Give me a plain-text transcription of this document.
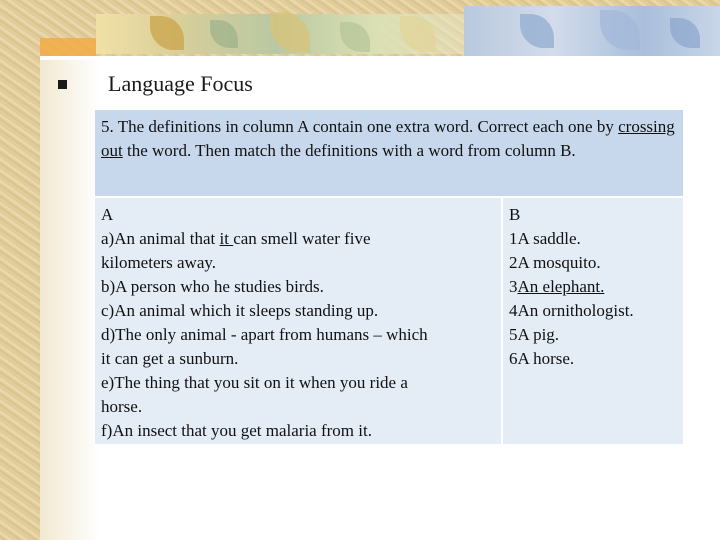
Language Focus
5. The definitions in column A contain one extra word. Correct each one by crossing out the word. Then match the definitions with a word from column B.
A
a)An animal that it can smell water five
kilometers away.
b)A person who he studies birds.
c)An animal which it sleeps standing up.
d)The only animal - apart from humans – which
it can get a sunburn.
e)The thing that you sit on it when you ride a
horse.
f)An insect that you get malaria from it.
B
1A saddle.
2A mosquito.
3An elephant.
4An ornithologist.
5A pig.
6A horse.
